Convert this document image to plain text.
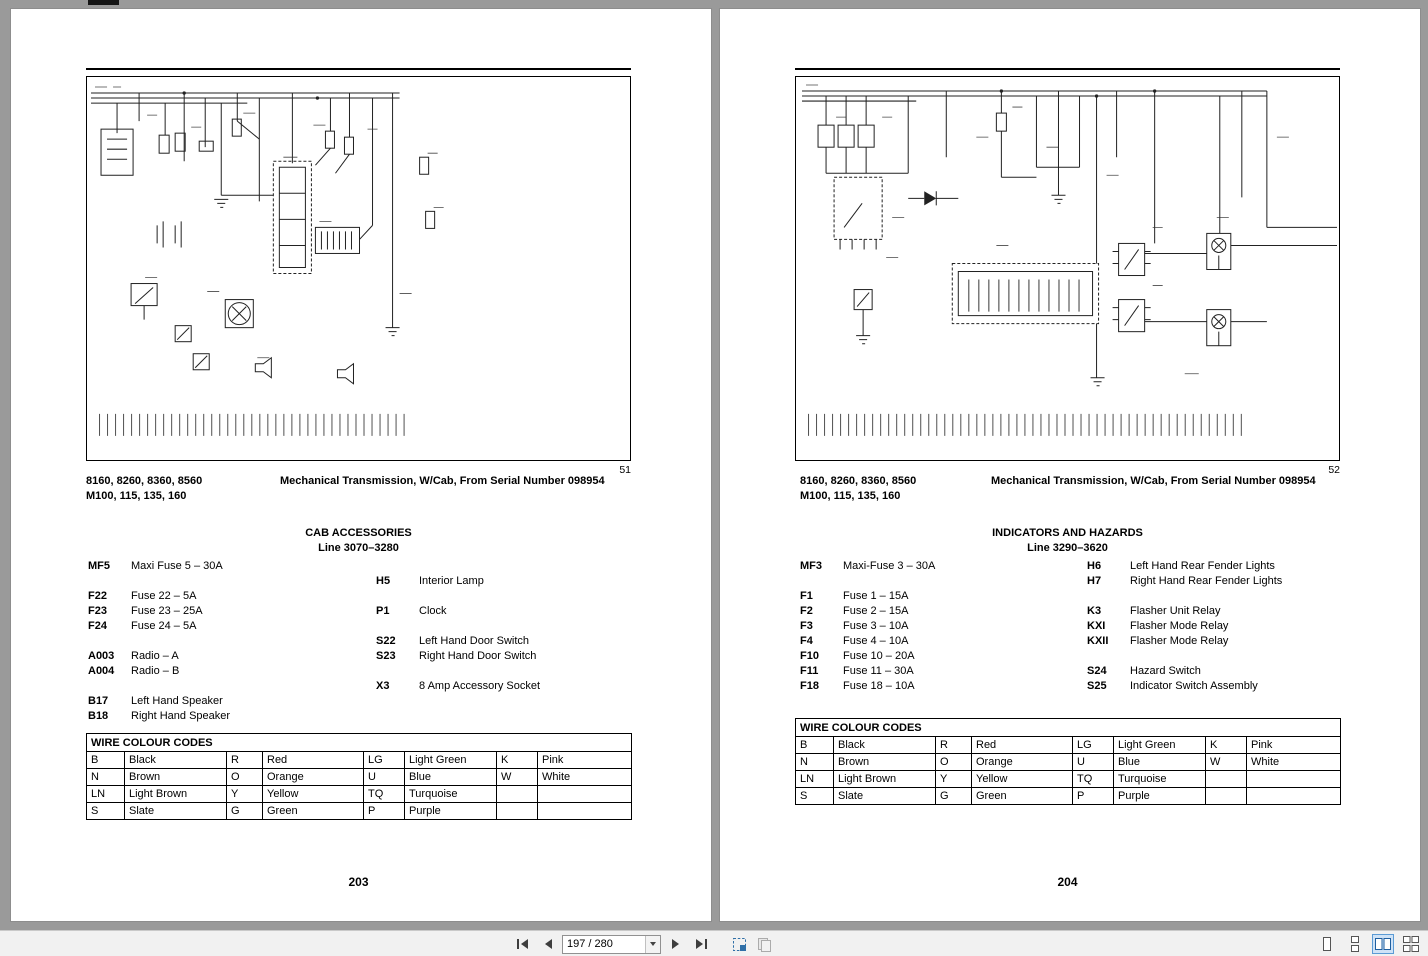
51
8160, 8260, 8360, 8560
M100, 115, 135, 160
Mechanical Transmission, W/Cab, From Serial Number 098954
CAB ACCESSORIES
Line 3070–3280
MF5	Maxi Fuse 5 – 30A
F22	Fuse 22 – 5A
F23	Fuse 23 – 25A
F24	Fuse 24 – 5A
A003	Radio – A
A004	Radio – B
B17	Left Hand Speaker
B18	Right Hand Speaker
H5	Interior Lamp
P1	Clock
S22	Left Hand Door Switch
S23	Right Hand Door Switch
X3	8 Amp Accessory Socket
WIRE COLOUR CODES							
B	Black	R	Red	LG	Light Green	K	Pink
N	Brown	O	Orange	U	Blue	W	White
LN	Light Brown	Y	Yellow	TQ	Turquoise		
S	Slate	G	Green	P	Purple		
203
52
8160, 8260, 8360, 8560
M100, 115, 135, 160
Mechanical Transmission, W/Cab, From Serial Number 098954
INDICATORS AND HAZARDS
Line 3290–3620
MF3	Maxi-Fuse 3 – 30A
F1	Fuse 1 – 15A
F2	Fuse 2 – 15A
F3	Fuse 3 – 10A
F4	Fuse 4 – 10A
F10	Fuse 10 – 20A
F11	Fuse 11 – 30A
F18	Fuse 18 – 10A
H6	Left Hand Rear Fender Lights
H7	Right Hand Rear Fender Lights
K3	Flasher Unit Relay
KXI	Flasher Mode Relay
KXII	Flasher Mode Relay
S24	Hazard Switch
S25	Indicator Switch Assembly
WIRE COLOUR CODES							
B	Black	R	Red	LG	Light Green	K	Pink
N	Brown	O	Orange	U	Blue	W	White
LN	Light Brown	Y	Yellow	TQ	Turquoise		
S	Slate	G	Green	P	Purple		
204
197 / 280
